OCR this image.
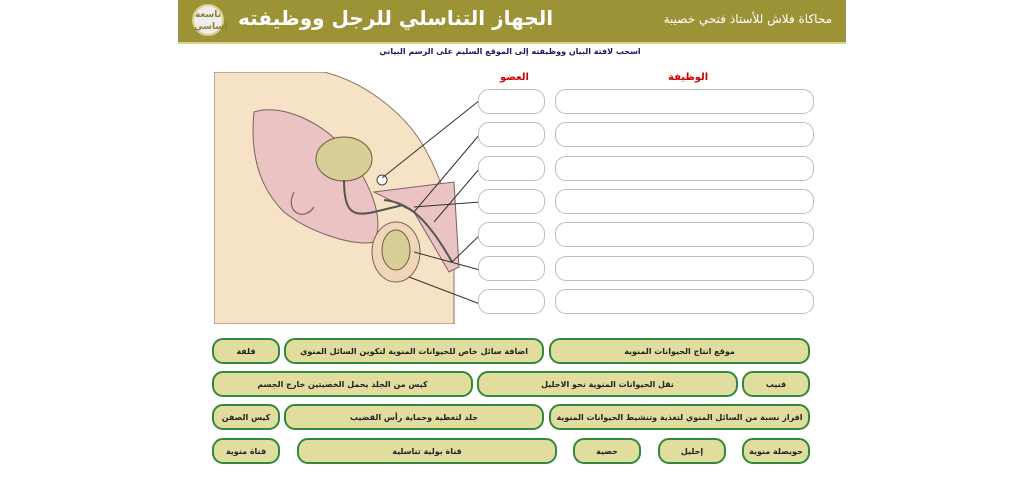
تاسعة
أساسي الجهاز التناسلي للرجل ووظيفته	محاكاة فلاش للأستاذ فتحي خصيبة
اسحب لافتة البيان ووظيفته إلى الموقع السليم على الرسم البياني
العضو	الوظيفة
قلفة	اضافة سائل خاص للحيوانات المنوية لتكوين السائل المنوي	موقع انتاج الحيوانات المنوية
كيس من الجلد يحمل الخصيتين خارج الجسم	نقل الحيوانات المنوية نحو الاحليل	قنيب
كيس الصفن	جلد لتغطية وحماية رأس القضيب	افراز نسبة من السائل المنوي لتغذية وتنشيط الحيوانات المنوية
قناة منوية	قناة بولية تناسلية	خصية	إحليل	حويصلة منوية
